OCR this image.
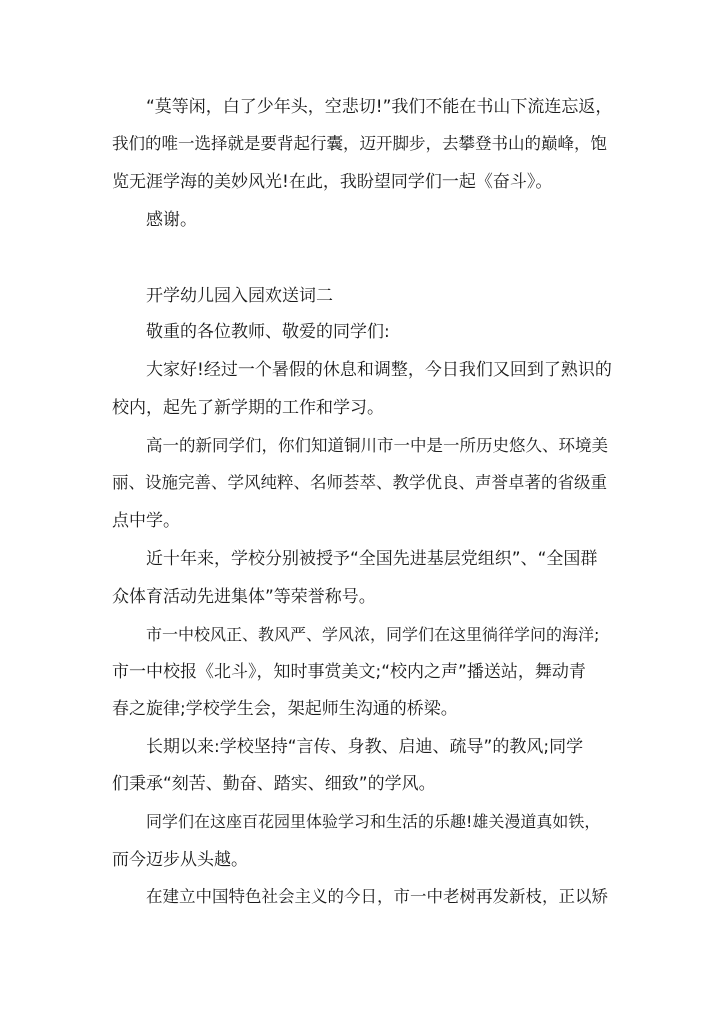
“莫等闲，白了少年头，空悲切!”我们不能在书山下流连忘返，
我们的唯一选择就是要背起行囊，迈开脚步，去攀登书山的巅峰，饱
览无涯学海的美妙风光!在此，我盼望同学们一起《奋斗》。
感谢。
开学幼儿园入园欢送词二
敬重的各位教师、敬爱的同学们:
大家好!经过一个暑假的休息和调整，今日我们又回到了熟识的
校内，起先了新学期的工作和学习。
高一的新同学们，你们知道铜川市一中是一所历史悠久、环境美
丽、设施完善、学风纯粹、名师荟萃、教学优良、声誉卓著的省级重
点中学。
近十年来，学校分别被授予“全国先进基层党组织”、“全国群
众体育活动先进集体”等荣誉称号。
市一中校风正、教风严、学风浓，同学们在这里徜徉学问的海洋;
市一中校报《北斗》，知时事赏美文;“校内之声”播送站，舞动青
春之旋律;学校学生会，架起师生沟通的桥梁。
长期以来:学校坚持“言传、身教、启迪、疏导”的教风;同学
们秉承“刻苦、勤奋、踏实、细致”的学风。
同学们在这座百花园里体验学习和生活的乐趣!雄关漫道真如铁，
而今迈步从头越。
在建立中国特色社会主义的今日，市一中老树再发新枝，正以矫
